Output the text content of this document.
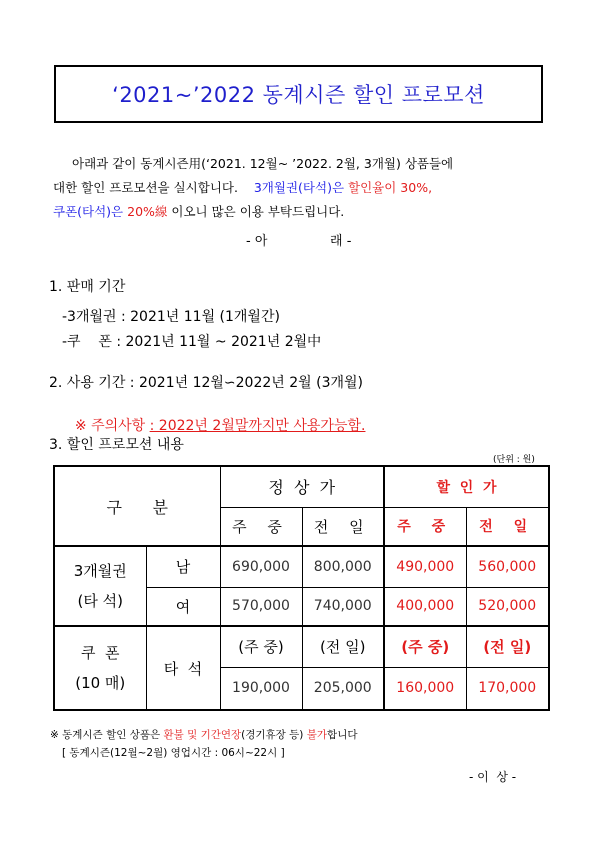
‘2021~’2022 동계시즌 할인 프로모션
아래과 같이 동계시즌用(‘2021. 12월~ ’2022. 2월, 3개월) 상품들에
대한 할인 프로모션을 실시합니다. 3개월권(타석)은 할인율이 30%,
쿠폰(타석)은 20%線 이오니 많은 이용 부탁드립니다.
- 아	래 -
1. 판매 기간
-3개월권 : 2021년 11월 (1개월간)
-쿠    폰 : 2021년 11월 ~ 2021년 2월中
2. 사용 기간 : 2021년 12월∽2022년 2월 (3개월)

※ 주의사항 : 2022년 2월말까지만 사용가능함.

3. 할인 프로모션 내용
(단위 : 원)
구      분		정  상  가		할  인  가	
		주 중	전 일	주 중	전 일

3개월권
(타 석)	남	690,000	800,000	490,000	560,000
	여	570,000	740,000	400,000	520,000

쿠  폰
(10 매)	타  석	(주 중)	(전 일)	(주 중)	(전 일)
		190,000	205,000	160,000	170,000
※ 동계시즌 할인 상품은 환불 및 기간연장(경기휴장 등) 불가합니다
[ 동계시즌(12월~2월) 영업시간 : 06시~22시 ]
- 이  상 -
